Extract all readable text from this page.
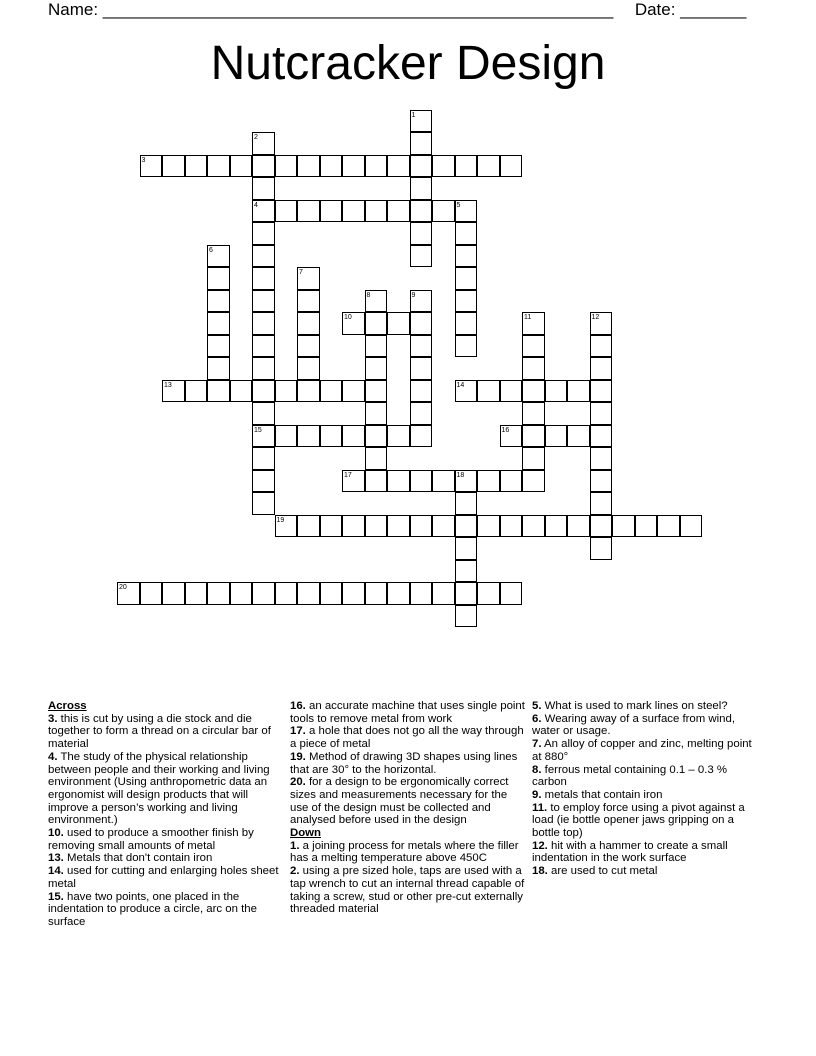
Name: ______________________________________________________ Date: _______
Nutcracker Design
1
2
3
4	5
6
7
8	9
10	11	12
13	14
15	16
17	18
19
20

Across

3. this is cut by using a die stock and die together to form a thread on a circular bar of material

4. The study of the physical relationship between people and their working and living environment (Using anthropometric data an ergonomist will design products that will improve a person’s working and living environment.)

10. used to produce a smoother finish by removing small amounts of metal

13. Metals that don't contain iron

14. used for cutting and enlarging holes sheet metal

15. have two points, one placed in the indentation to produce a circle, arc on the surface

16. an accurate machine that uses single point tools to remove metal from work

17. a hole that does not go all the way through a piece of metal

19. Method of drawing 3D shapes using lines that are 30° to the horizontal.

20. for a design to be ergonomically correct sizes and measurements necessary for the use of the design must be collected and analysed before used in the design

Down

1. a joining process for metals where the filler has a melting temperature above 450C

2. using a pre sized hole, taps are used with a tap wrench to cut an internal thread capable of taking a screw, stud or other pre-cut externally threaded material

5. What is used to mark lines on steel?

6. Wearing away of a surface from wind, water or usage.

7. An alloy of copper and zinc, melting point at 880°

8. ferrous metal containing 0.1 – 0.3 % carbon

9. metals that contain iron

11. to employ force using a pivot against a load (ie bottle opener jaws gripping on a bottle top)

12. hit with a hammer to create a small indentation in the work surface

18. are used to cut metal
